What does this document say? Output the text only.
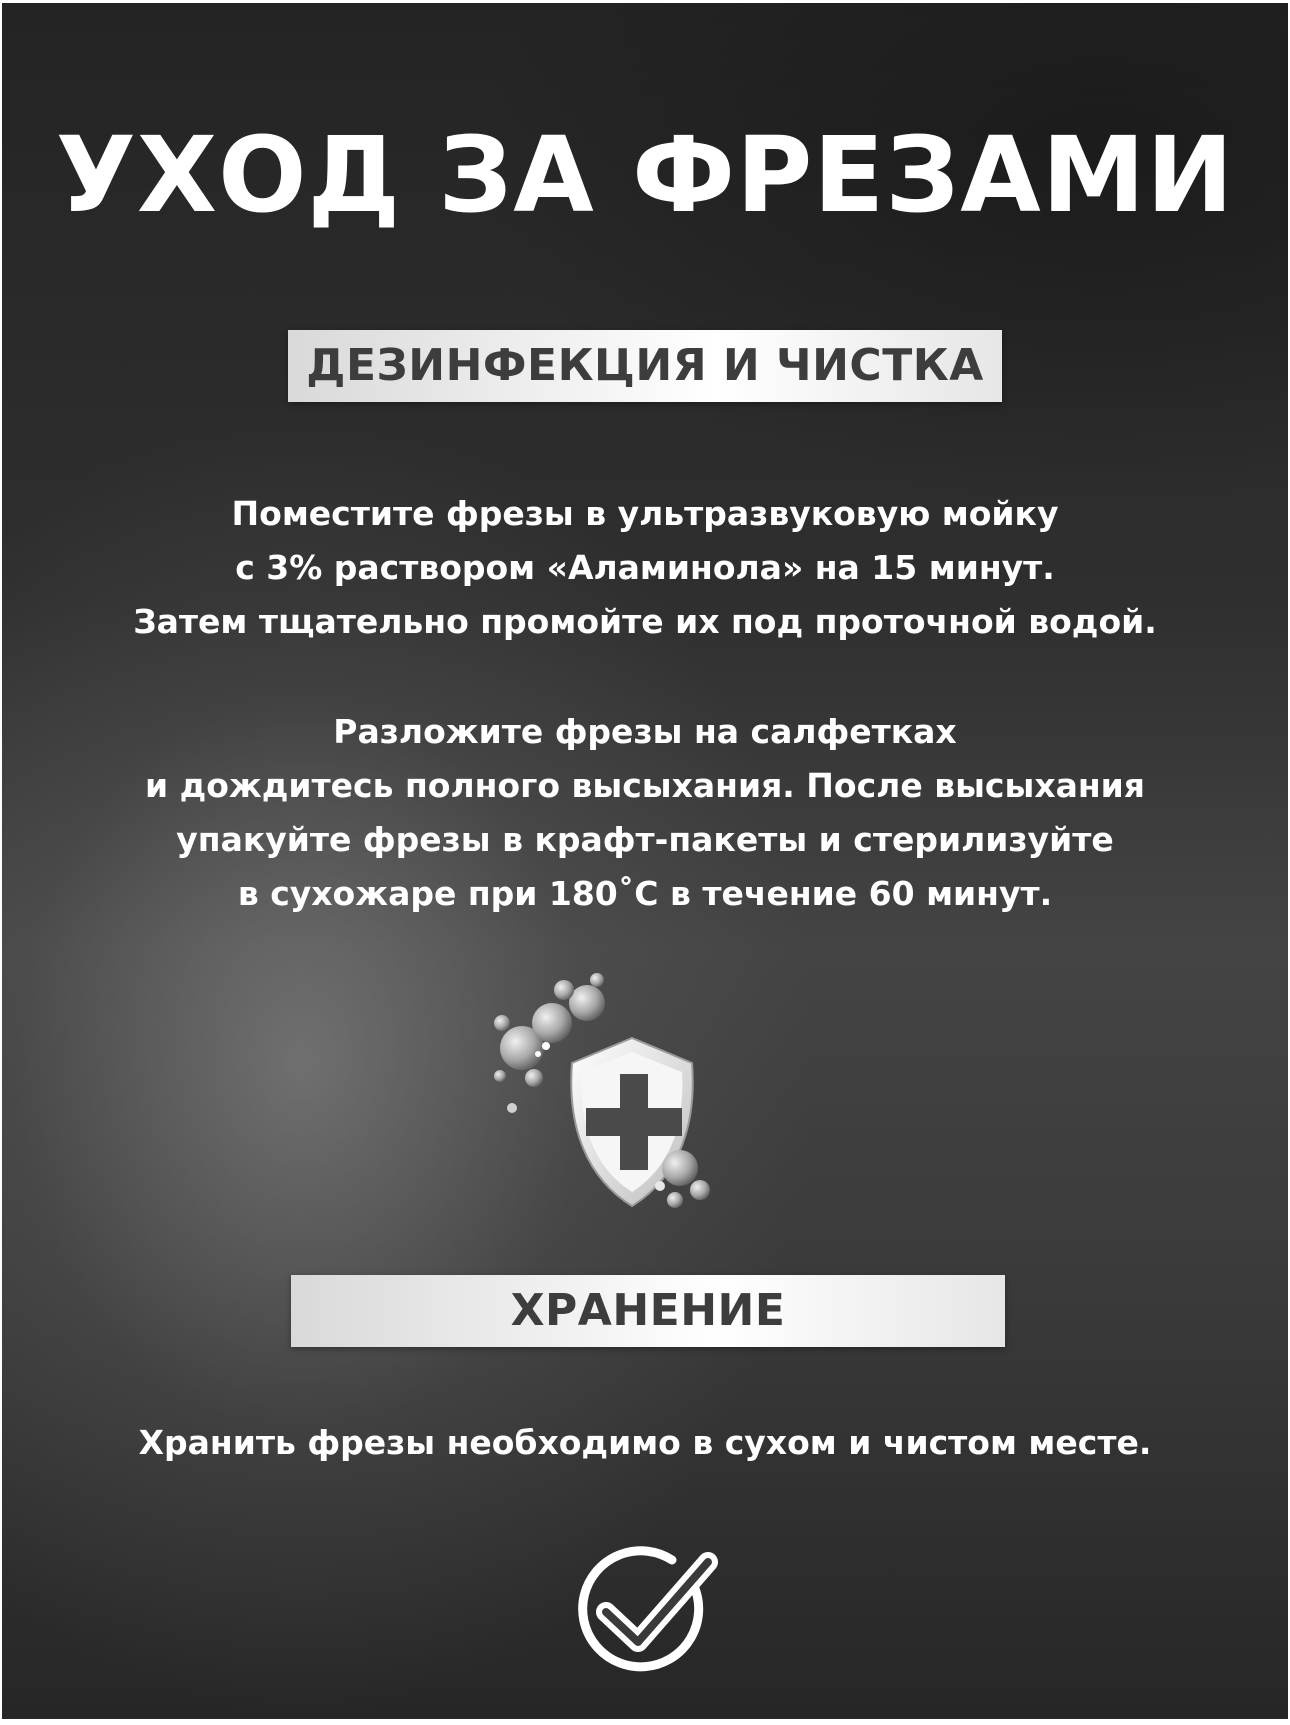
УХОД ЗА ФРЕЗАМИ
ДЕЗИНФЕКЦИЯ И ЧИСТКА
Поместите фрезы в ультразвуковую мойку
с 3% раствором «Аламинола» на 15 минут.
Затем тщательно промойте их под проточной водой.
Разложите фрезы на салфетках
и дождитесь полного высыхания. После высыхания
упакуйте фрезы в крафт-пакеты и стерилизуйте
в сухожаре при 180˚С в течение 60 минут.
ХРАНЕНИЕ
Хранить фрезы необходимо в сухом и чистом месте.
